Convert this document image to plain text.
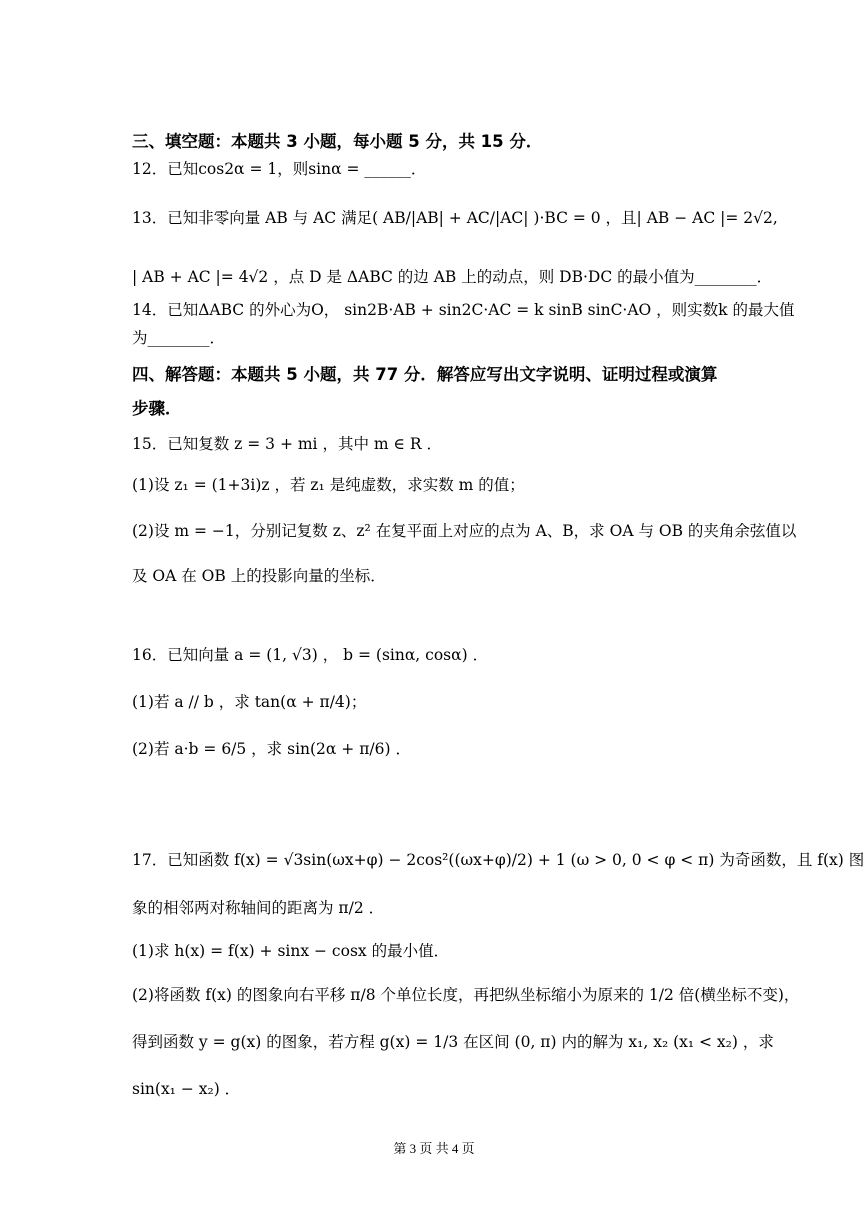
三、填空题：本题共 3 小题，每小题 5 分，共 15 分．
12．已知cos2α = 1，则sinα = ______．
13．已知非零向量 AB 与 AC 满足( AB/|AB| + AC/|AC| )·BC = 0 ，且| AB − AC |= 2√2,
| AB + AC |= 4√2 ，点 D 是 ΔABC 的边 AB 上的动点，则 DB·DC 的最小值为________．
14．已知ΔABC 的外心为O， sin2B·AB + sin2C·AC = k sinB sinC·AO ，则实数k 的最大值
为________．
四、解答题：本题共 5 小题，共 77 分．解答应写出文字说明、证明过程或演算
步骤．
15．已知复数 z = 3 + mi ，其中 m ∈ R ．
(1)设 z₁ = (1+3i)z ，若 z₁ 是纯虚数，求实数 m 的值；
(2)设 m = −1，分别记复数 z、z² 在复平面上对应的点为 A、B，求 OA 与 OB 的夹角余弦值以
及 OA 在 OB 上的投影向量的坐标．
16．已知向量 a = (1, √3) ， b = (sinα, cosα) ．
(1)若 a // b ，求 tan(α + π/4)；
(2)若 a·b = 6/5 ，求 sin(2α + π/6) ．
17．已知函数 f(x) = √3sin(ωx+φ) − 2cos²((ωx+φ)/2) + 1 (ω > 0, 0 < φ < π) 为奇函数，且 f(x) 图
象的相邻两对称轴间的距离为 π/2 ．
(1)求 h(x) = f(x) + sinx − cosx 的最小值．
(2)将函数 f(x) 的图象向右平移 π/8 个单位长度，再把纵坐标缩小为原来的 1/2 倍(横坐标不变)，
得到函数 y = g(x) 的图象，若方程 g(x) = 1/3 在区间 (0, π) 内的解为 x₁, x₂ (x₁ < x₂) ，求
sin(x₁ − x₂) ．
第 3 页 共 4 页
